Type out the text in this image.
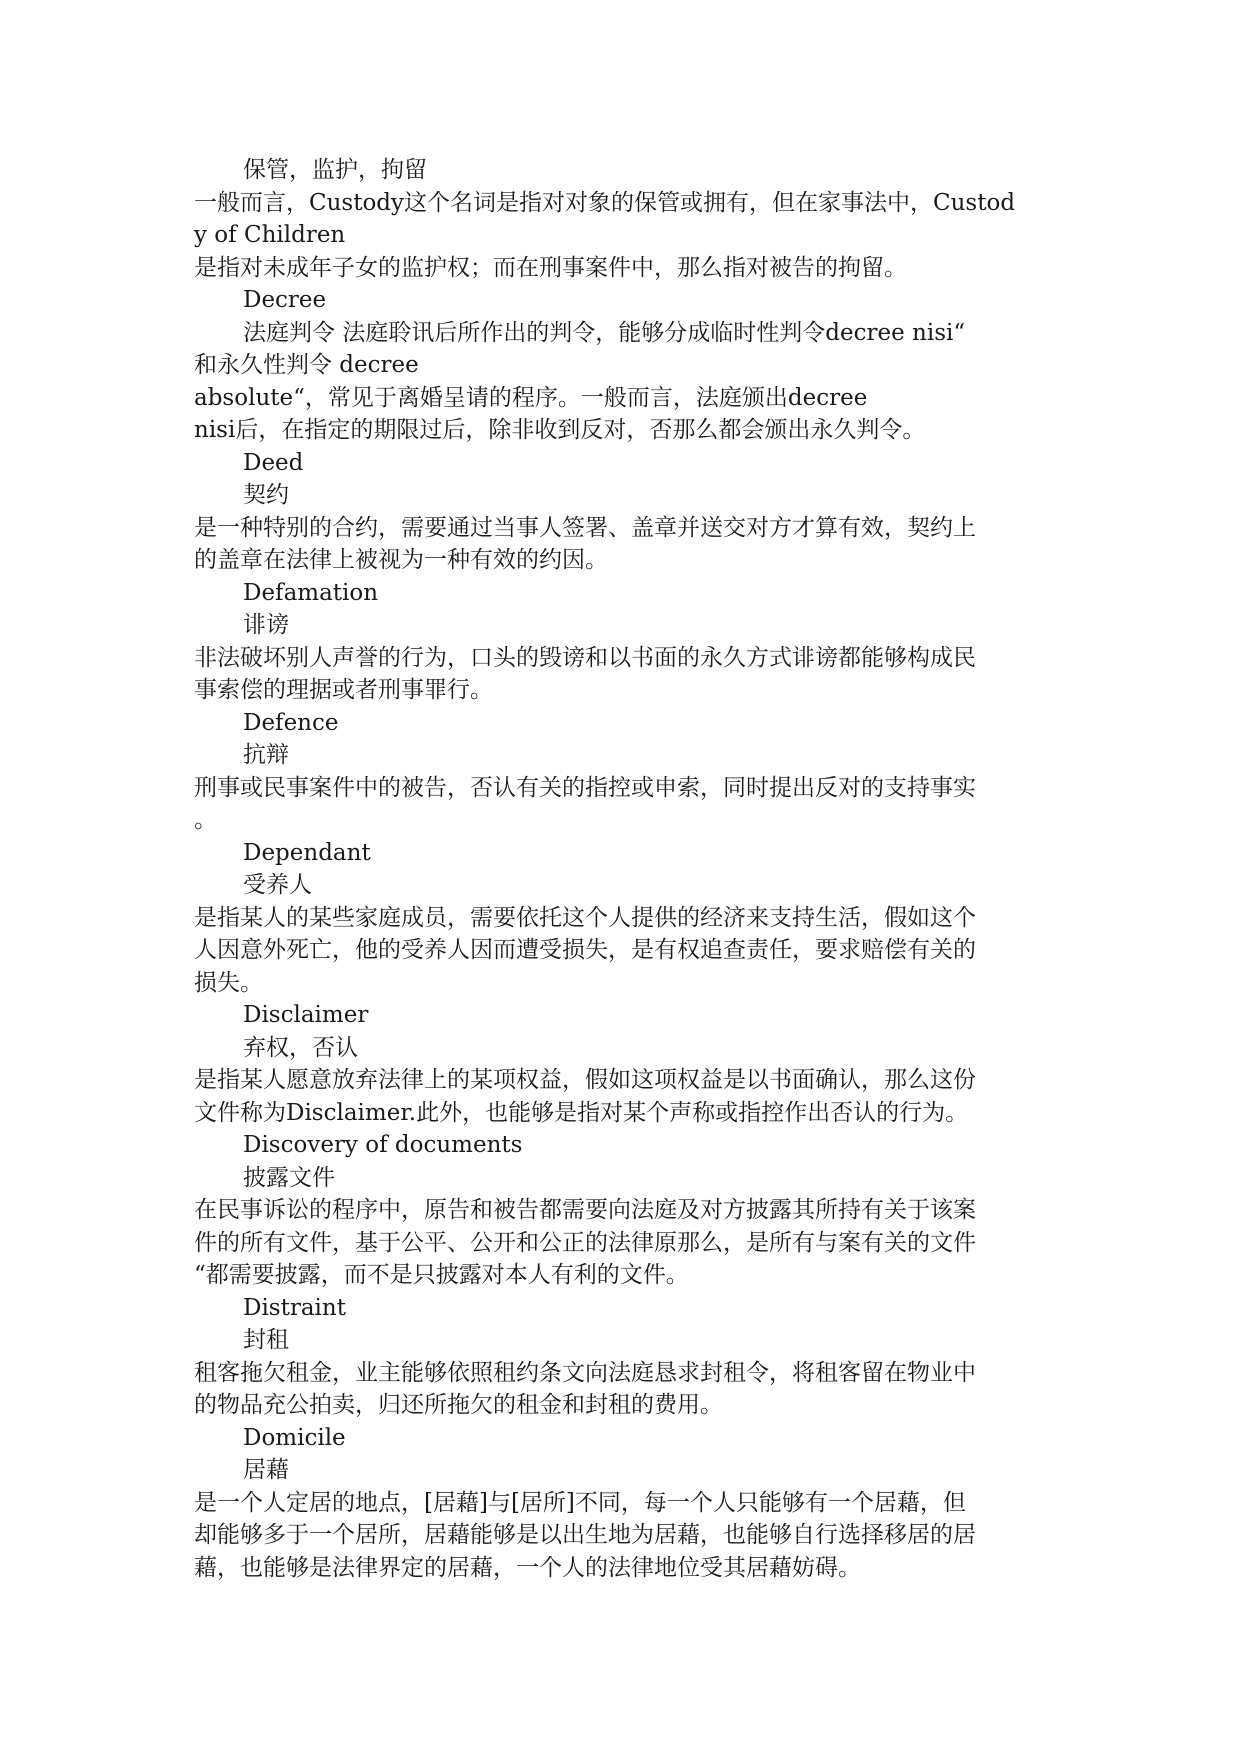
保管，监护，拘留
一般而言，Custody这个名词是指对对象的保管或拥有，但在家事法中，Custod
y of Children
是指对未成年子女的监护权；而在刑事案件中，那么指对被告的拘留。
Decree
法庭判令 法庭聆讯后所作出的判令，能够分成临时性判令decree nisi“
和永久性判令 decree
absolute“，常见于离婚呈请的程序。一般而言，法庭颁出decree
nisi后，在指定的期限过后，除非收到反对，否那么都会颁出永久判令。
Deed
契约
是一种特别的合约，需要通过当事人签署、盖章并送交对方才算有效，契约上
的盖章在法律上被视为一种有效的约因。
Defamation
诽谤
非法破坏别人声誉的行为，口头的毁谤和以书面的永久方式诽谤都能够构成民
事索偿的理据或者刑事罪行。
Defence
抗辩
刑事或民事案件中的被告，否认有关的指控或申索，同时提出反对的支持事实
。
Dependant
受养人
是指某人的某些家庭成员，需要依托这个人提供的经济来支持生活，假如这个
人因意外死亡，他的受养人因而遭受损失，是有权追查责任，要求赔偿有关的
损失。
Disclaimer
弃权，否认
是指某人愿意放弃法律上的某项权益，假如这项权益是以书面确认，那么这份
文件称为Disclaimer.此外，也能够是指对某个声称或指控作出否认的行为。
Discovery of documents
披露文件
在民事诉讼的程序中，原告和被告都需要向法庭及对方披露其所持有关于该案
件的所有文件，基于公平、公开和公正的法律原那么，是所有与案有关的文件
“都需要披露，而不是只披露对本人有利的文件。
Distraint
封租
租客拖欠租金，业主能够依照租约条文向法庭恳求封租令，将租客留在物业中
的物品充公拍卖，归还所拖欠的租金和封租的费用。
Domicile
居藉
是一个人定居的地点，[居藉]与[居所]不同，每一个人只能够有一个居藉，但
却能够多于一个居所，居藉能够是以出生地为居藉，也能够自行选择移居的居
藉，也能够是法律界定的居藉，一个人的法律地位受其居藉妨碍。
